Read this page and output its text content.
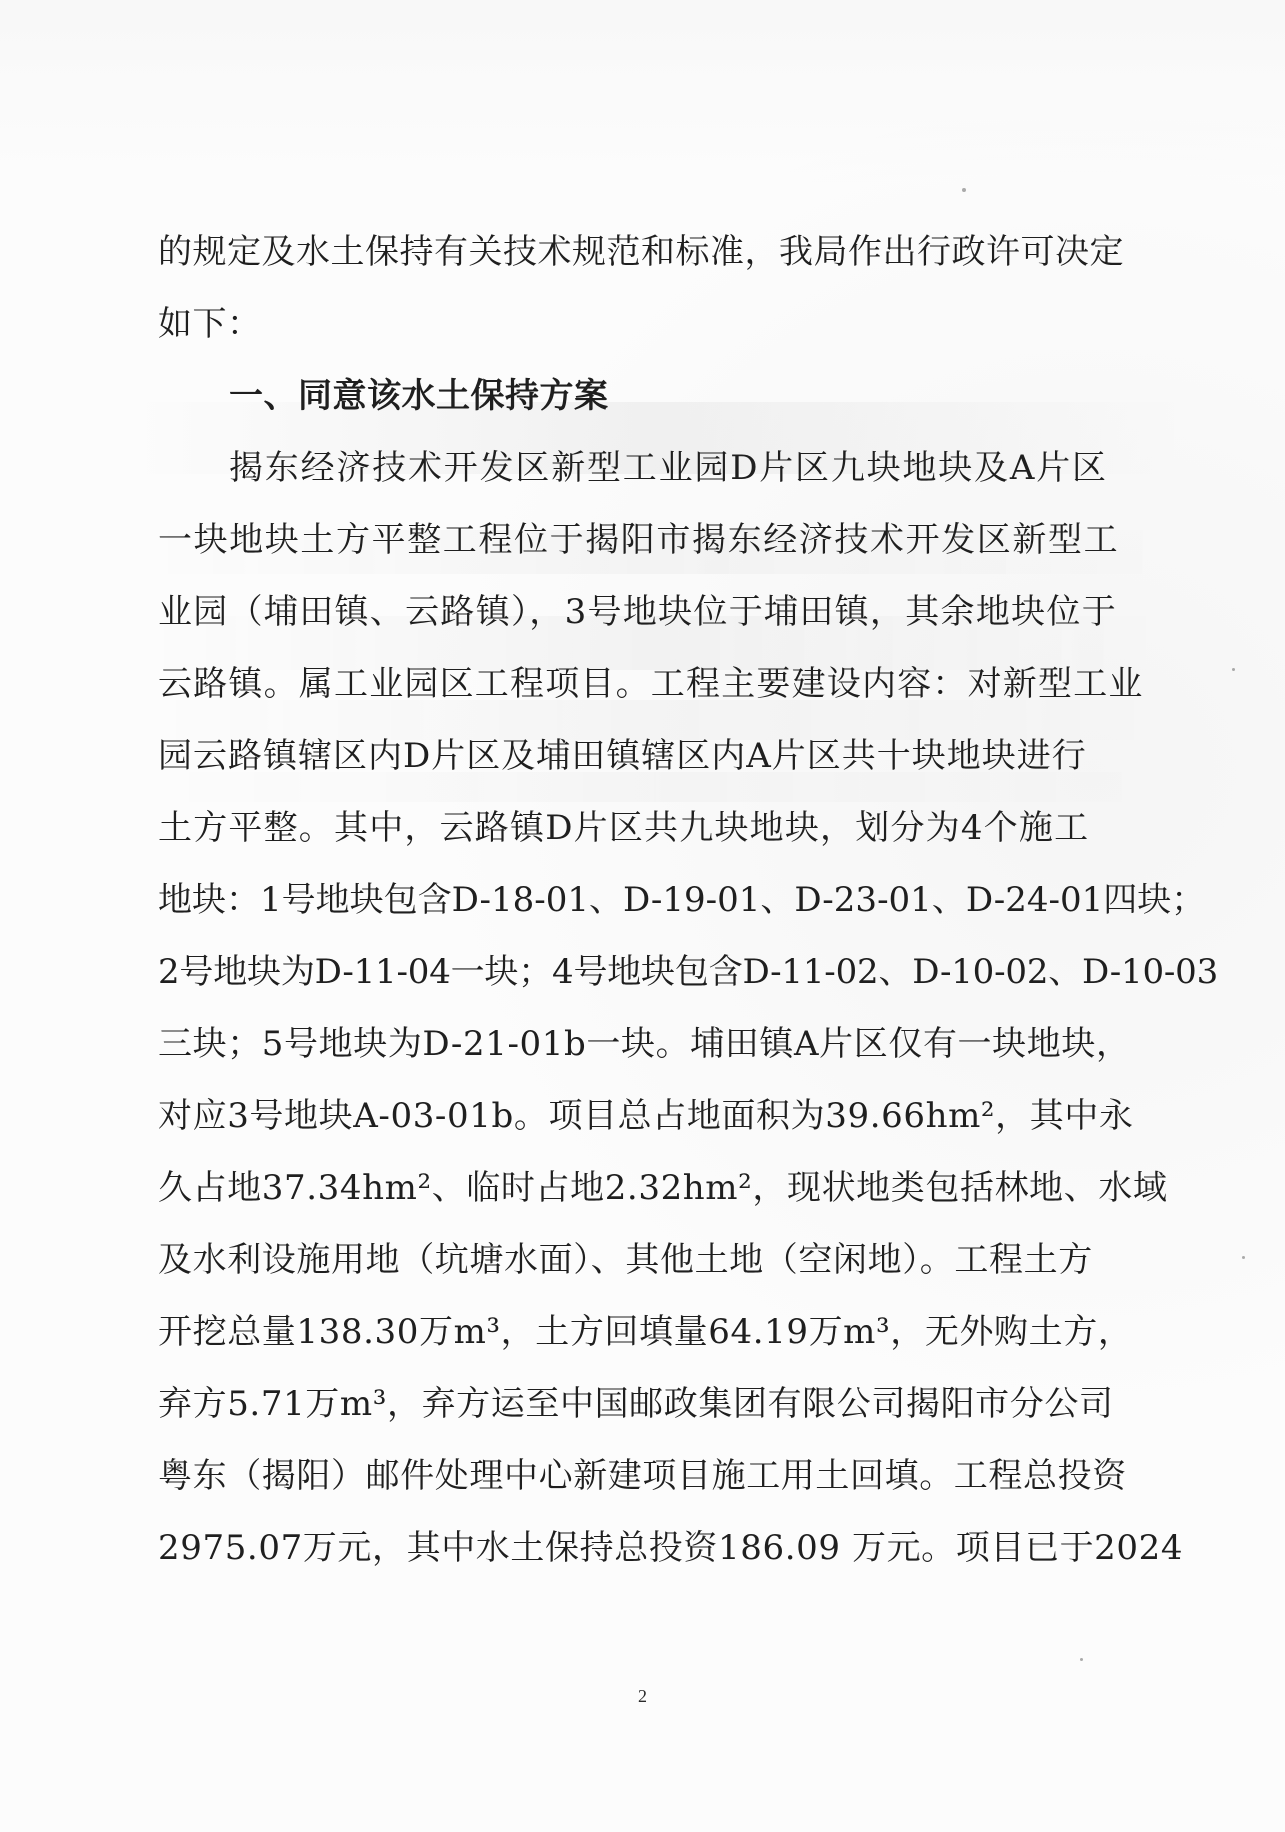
的规定及水土保持有关技术规范和标准，我局作出行政许可决定
如下：
一、同意该水土保持方案
揭东经济技术开发区新型工业园D片区九块地块及A片区
一块地块土方平整工程位于揭阳市揭东经济技术开发区新型工
业园（埔田镇、云路镇），3号地块位于埔田镇，其余地块位于
云路镇。属工业园区工程项目。工程主要建设内容：对新型工业
园云路镇辖区内D片区及埔田镇辖区内A片区共十块地块进行
土方平整。其中，云路镇D片区共九块地块，划分为4个施工
地块：1号地块包含D-18-01、D-19-01、D-23-01、D-24-01四块；
2号地块为D-11-04一块；4号地块包含D-11-02、D-10-02、D-10-03
三块；5号地块为D-21-01b一块。埔田镇A片区仅有一块地块，
对应3号地块A-03-01b。项目总占地面积为39.66hm²，其中永
久占地37.34hm²、临时占地2.32hm²，现状地类包括林地、水域
及水利设施用地（坑塘水面）、其他土地（空闲地）。工程土方
开挖总量138.30万m³，土方回填量64.19万m³，无外购土方，
弃方5.71万m³，弃方运至中国邮政集团有限公司揭阳市分公司
粤东（揭阳）邮件处理中心新建项目施工用土回填。工程总投资
2975.07万元，其中水土保持总投资186.09 万元。项目已于2024
2
